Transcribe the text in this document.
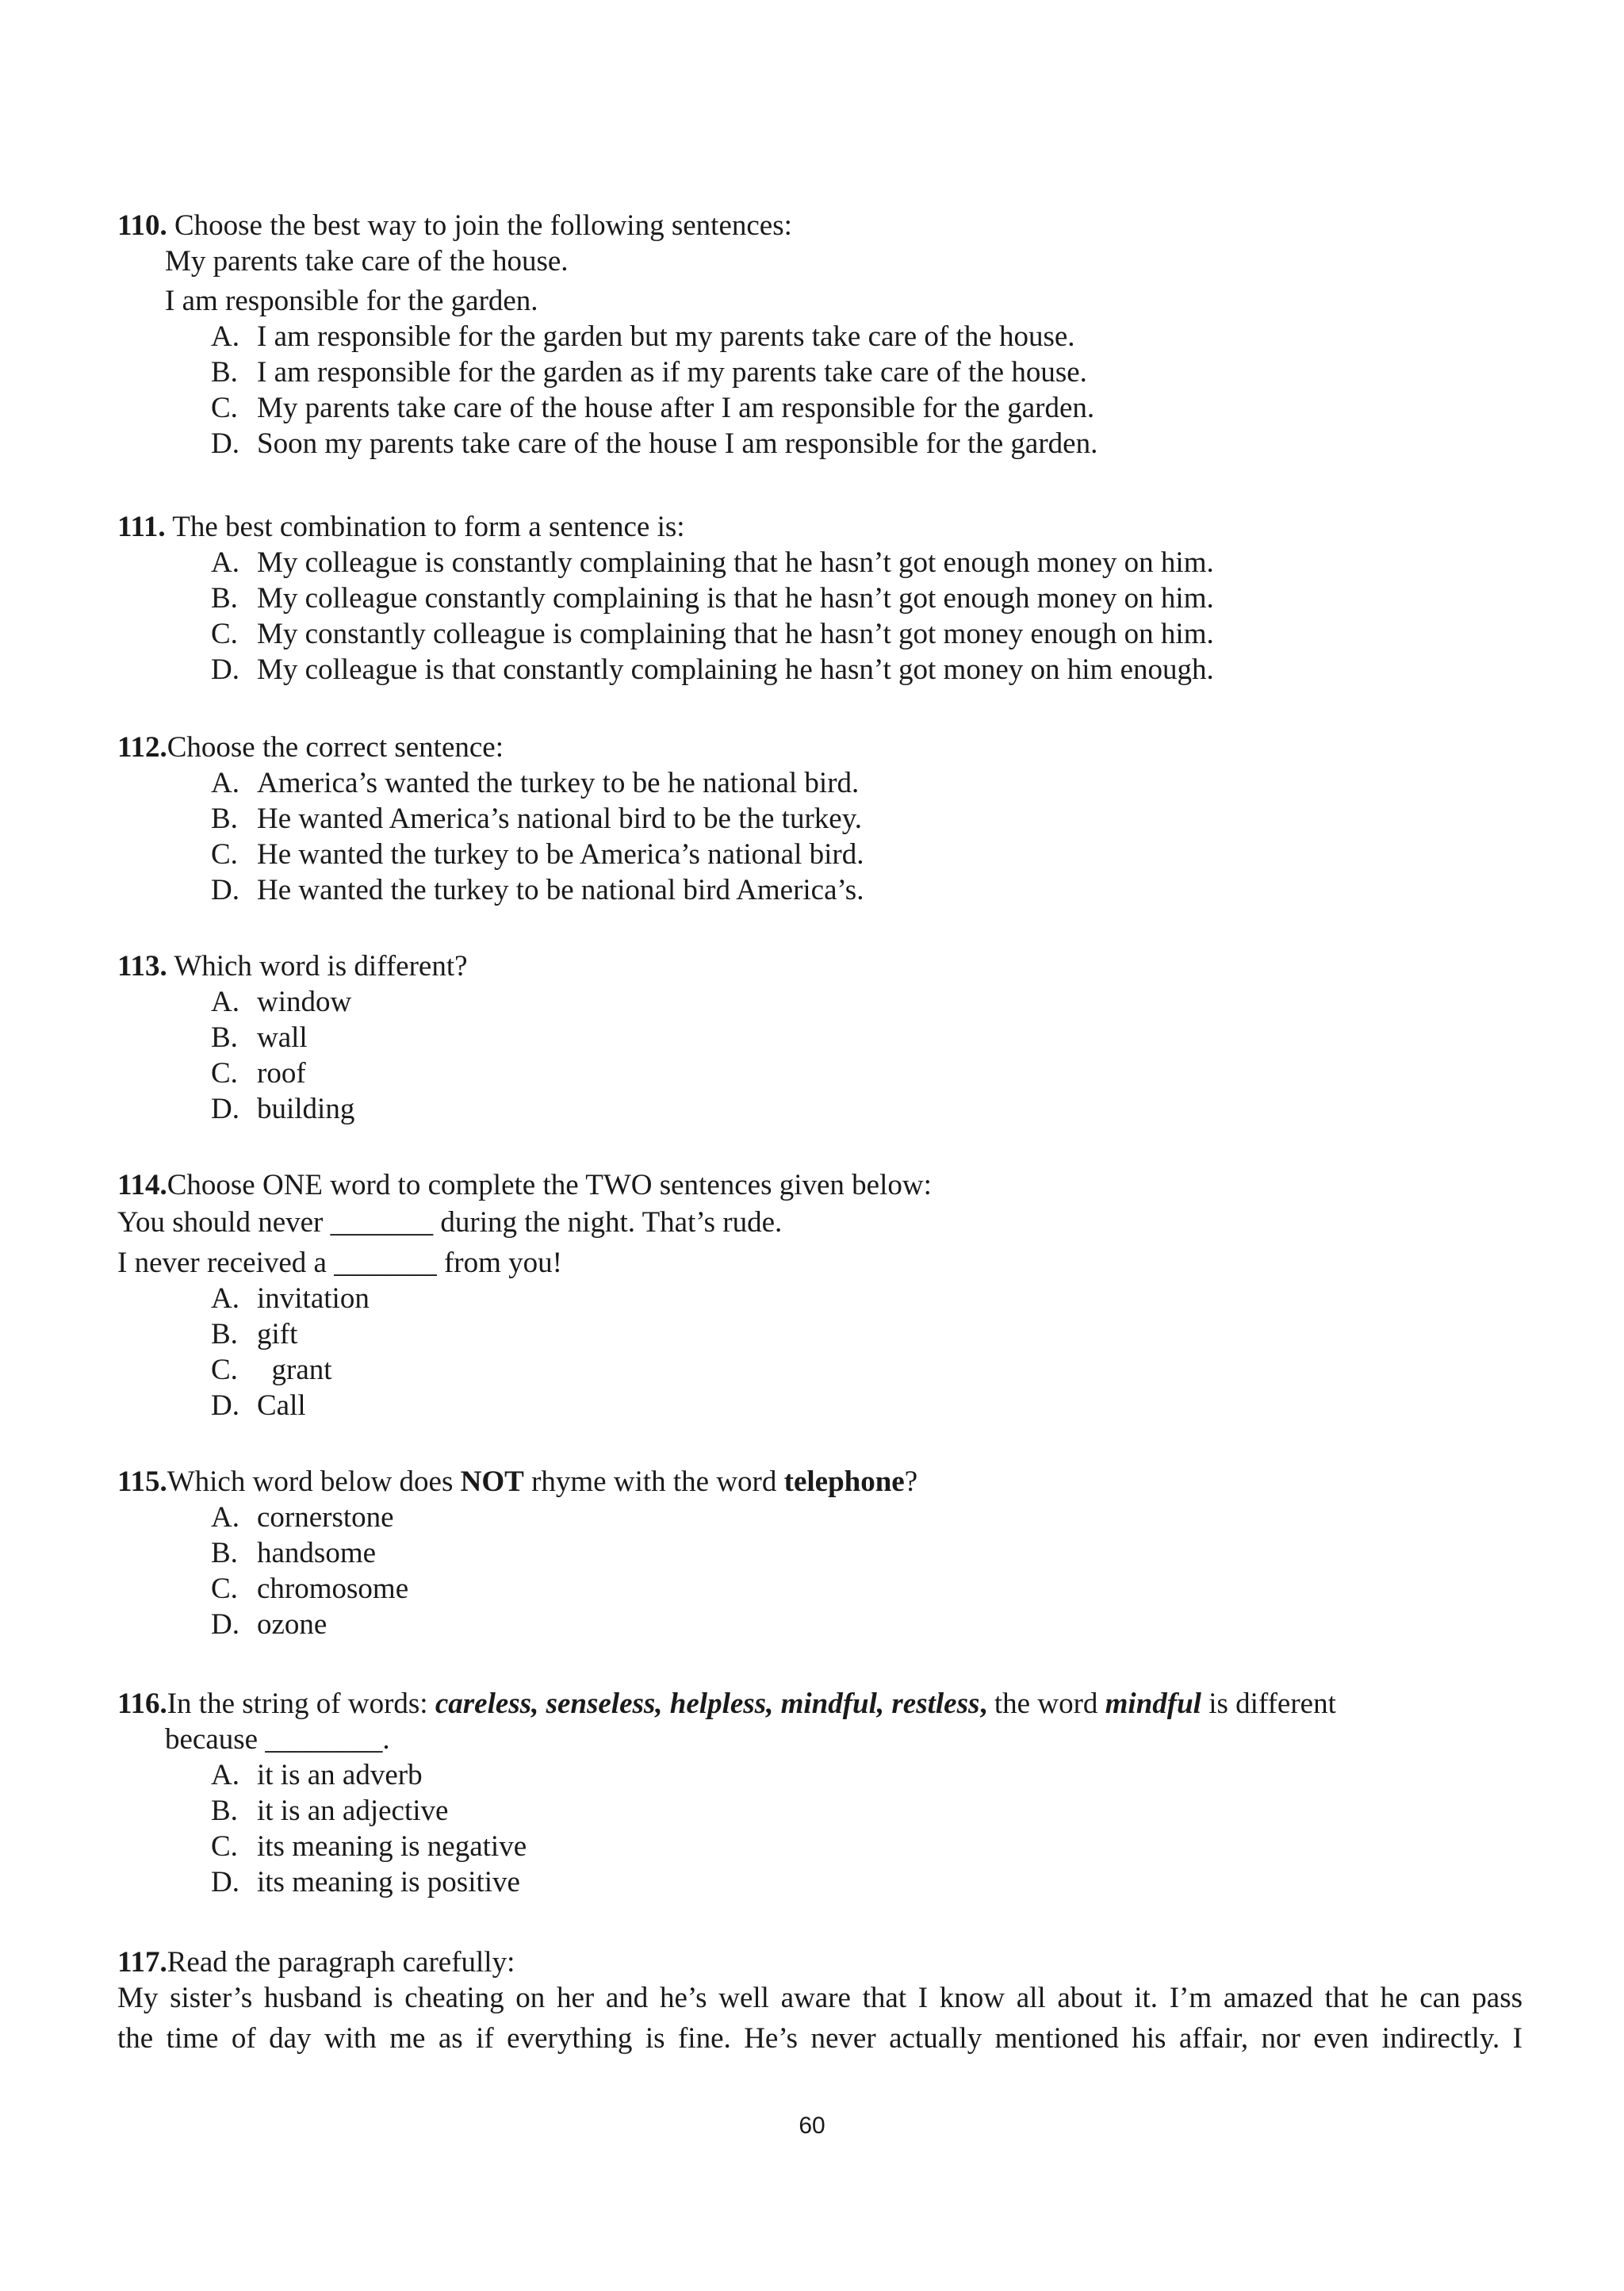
110. Choose the best way to join the following sentences:
My parents take care of the house.
I am responsible for the garden.
A. I am responsible for the garden but my parents take care of the house.
B. I am responsible for the garden as if my parents take care of the house.
C. My parents take care of the house after I am responsible for the garden.
D. Soon my parents take care of the house I am responsible for the garden.
111. The best combination to form a sentence is:
A. My colleague is constantly complaining that he hasn’t got enough money on him.
B. My colleague constantly complaining is that he hasn’t got enough money on him.
C. My constantly colleague is complaining that he hasn’t got money enough on him.
D. My colleague is that constantly complaining he hasn’t got money on him enough.
112.Choose the correct sentence:
A. America’s wanted the turkey to be he national bird.
B. He wanted America’s national bird to be the turkey.
C. He wanted the turkey to be America’s national bird.
D. He wanted the turkey to be national bird America’s.
113. Which word is different?
A. window
B. wall
C. roof
D. building
114.Choose ONE word to complete the TWO sentences given below:
You should never _______ during the night. That’s rude.
I never received a _______ from you!
A. invitation
B. gift
C.  grant
D. Call
115.Which word below does NOT rhyme with the word telephone?
A. cornerstone
B. handsome
C. chromosome
D. ozone
116.In the string of words: careless, senseless, helpless, mindful, restless, the word mindful is different
because ________.
A. it is an adverb
B. it is an adjective
C. its meaning is negative
D. its meaning is positive
117.Read the paragraph carefully:
My sister’s husband is cheating on her and he’s well aware that I know all about it. I’m amazed that he can pass
the time of day with me as if everything is fine. He’s never actually mentioned his affair, nor even indirectly. I
60
